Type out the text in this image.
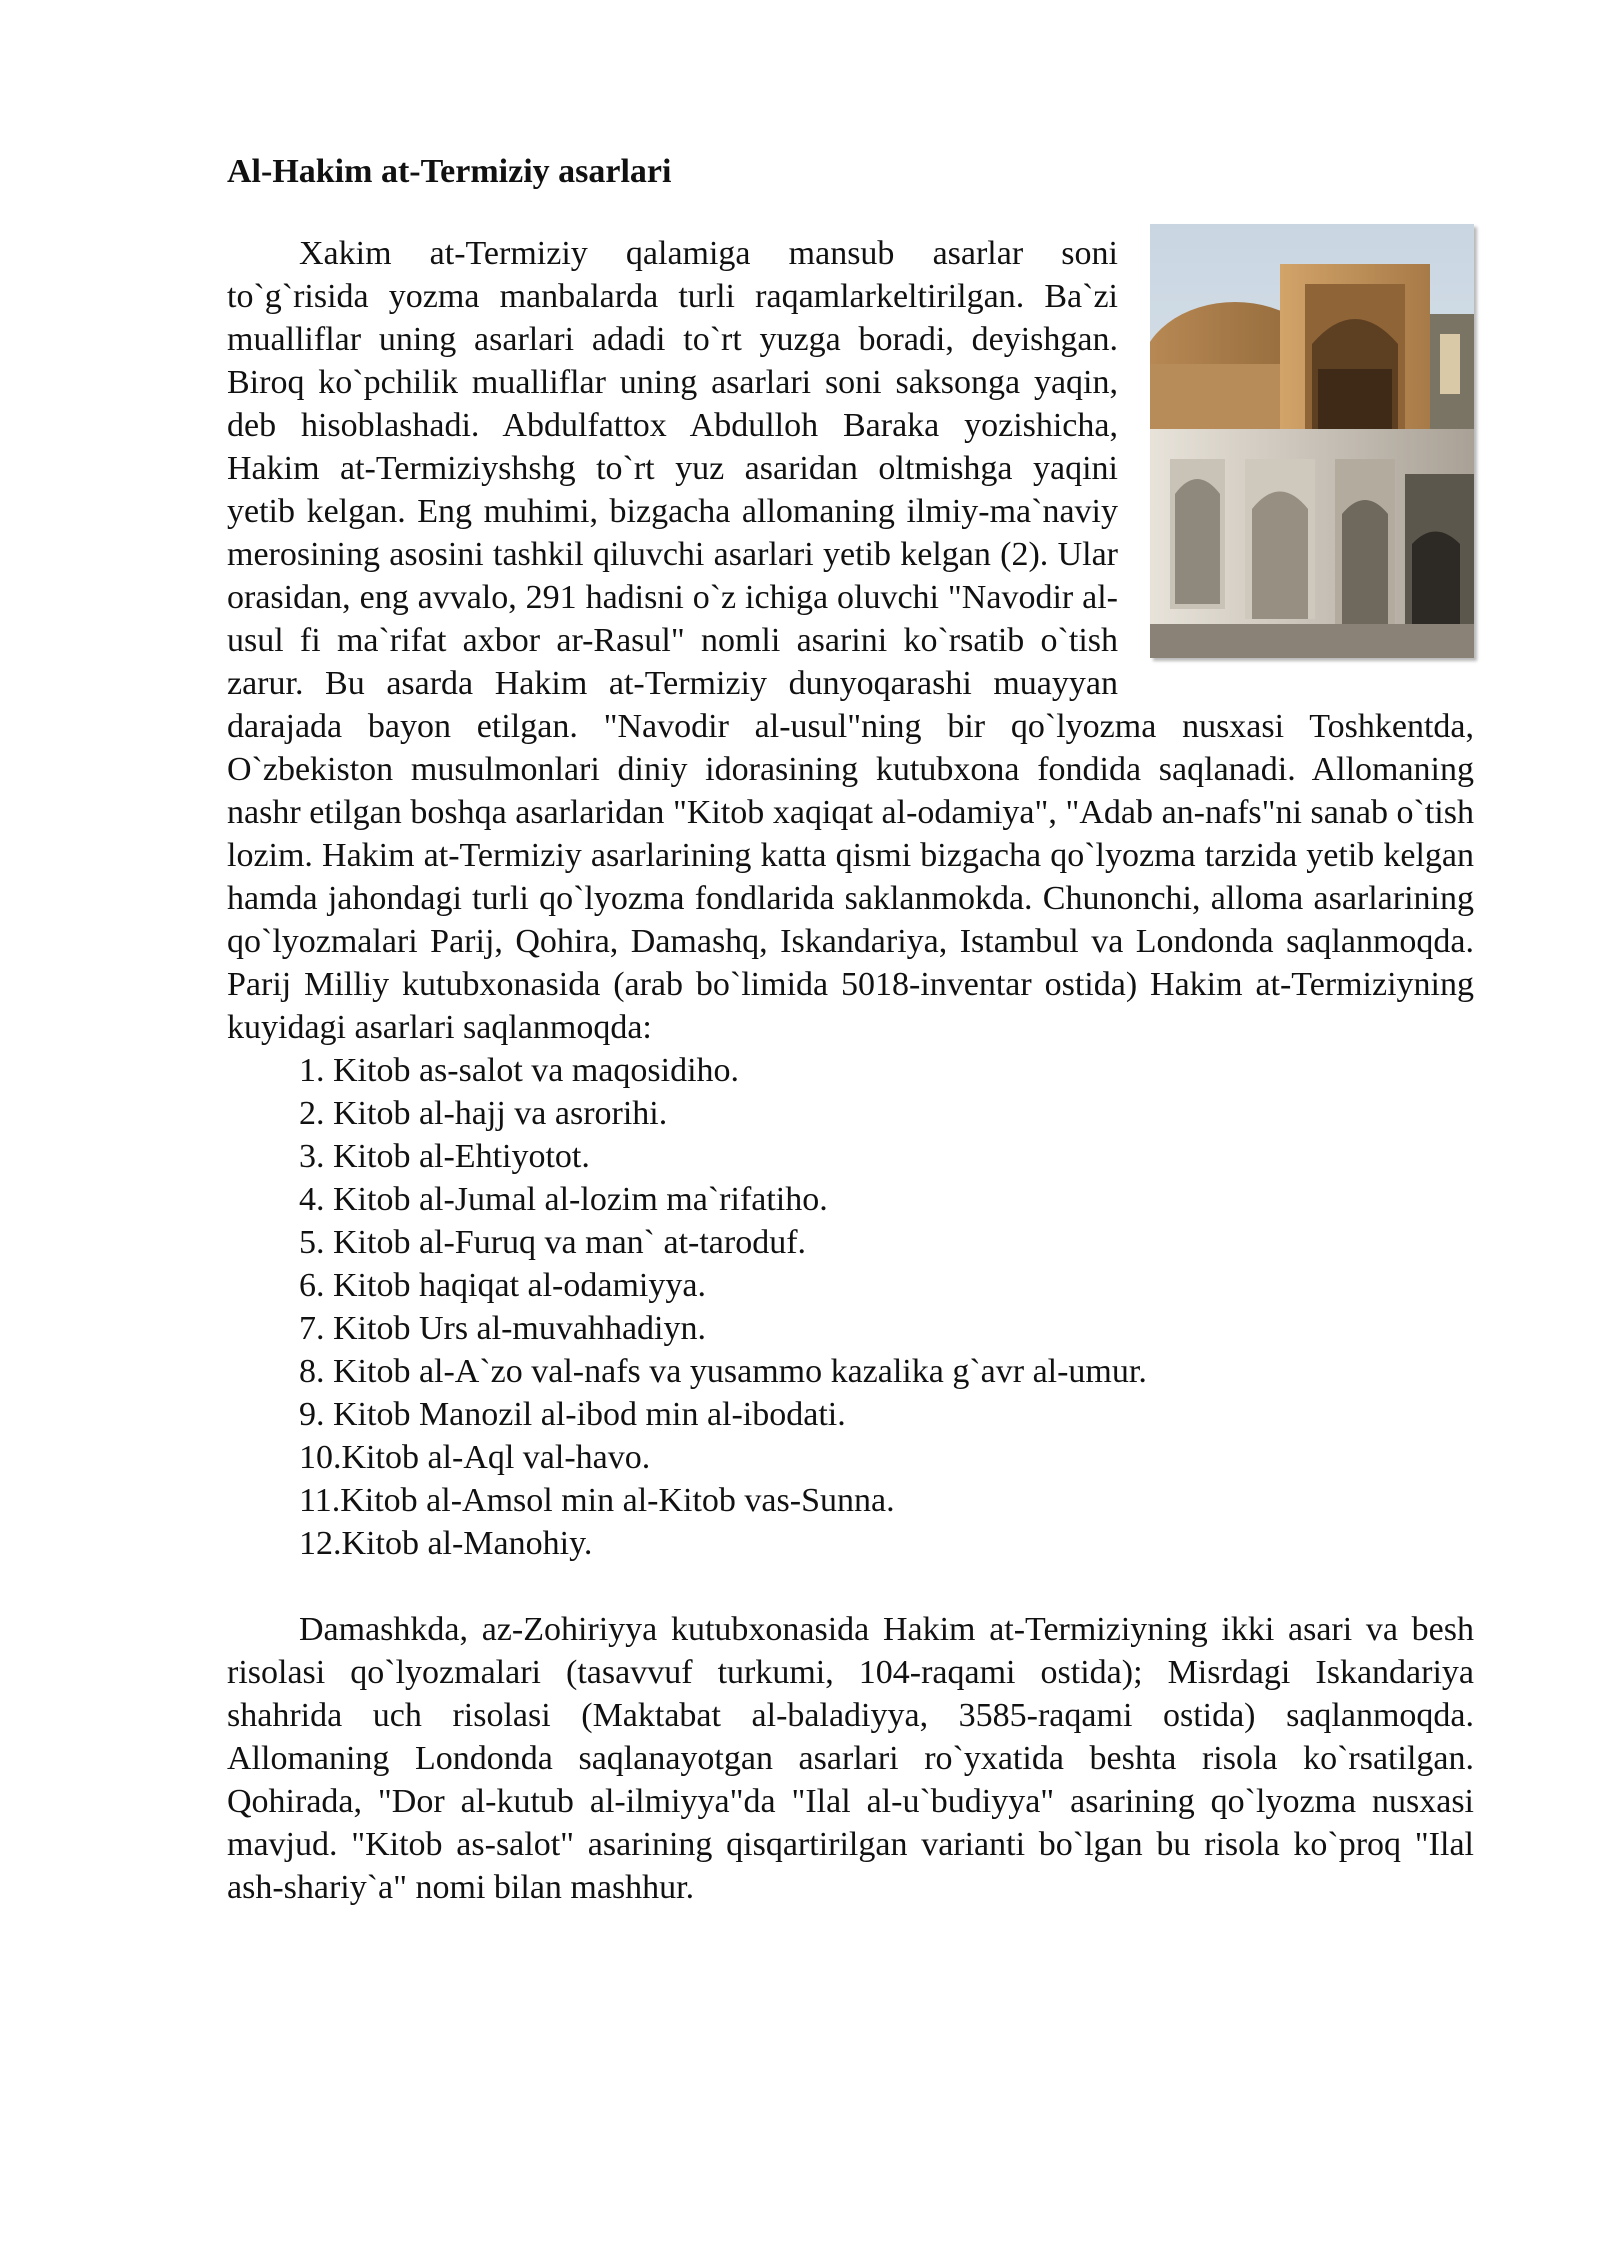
Al-Hakim at-Termiziy asarlari

Xakim at-Termiziy qalamiga mansub asarlar soni to`g`risida yozma manbalarda turli raqamlarkeltirilgan. Ba`zi mualliflar uning asarlari adadi to`rt yuzga boradi, deyishgan. Biroq ko`pchilik mualliflar uning asarlari soni saksonga yaqin, deb hisoblashadi. Abdulfattox Abdulloh Baraka yozishicha, Hakim at-Termiziyshshg to`rt yuz asaridan oltmishga yaqini yetib kelgan. Eng muhimi, bizgacha allomaning ilmiy-ma`naviy merosining asosini tashkil qiluvchi asarlari yetib kelgan (2). Ular orasidan, eng avvalo, 291 hadisni o`z ichiga oluvchi "Navodir al-usul fi ma`rifat axbor ar-Rasul" nomli asarini ko`rsatib o`tish zarur. Bu asarda Hakim at-Termiziy dunyoqarashi muayyan darajada bayon etilgan. "Navodir al-usul"ning bir qo`lyozma nusxasi Toshkentda, O`zbekiston musulmonlari diniy idorasining kutubxona fondida saqlanadi. Allomaning nashr etilgan boshqa asarlaridan "Kitob xaqiqat al-odamiya", "Adab an-nafs"ni sanab o`tish lozim. Hakim at-Termiziy asarlarining katta qismi bizgacha qo`lyozma tarzida yetib kelgan hamda jahondagi turli qo`lyozma fondlarida saklanmokda. Chunonchi, alloma asarlarining qo`lyozmalari Parij, Qohira, Damashq, Iskandariya, Istambul va Londonda saqlanmoqda. Parij Milliy kutubxonasida (arab bo`limida 5018-inventar ostida) Hakim at-Termiziyning kuyidagi asarlari saqlanmoqda:

1. Kitob as-salot va maqosidiho.
2. Kitob al-hajj va asrorihi.
3. Kitob al-Ehtiyotot.
4. Kitob al-Jumal al-lozim ma`rifatiho.
5. Kitob al-Furuq va man` at-taroduf.
6. Kitob haqiqat al-odamiyya.
7. Kitob Urs al-muvahhadiyn.
8. Kitob al-A`zo val-nafs va yusammo kazalika g`avr al-umur.
9. Kitob Manozil al-ibod min al-ibodati.
10.Kitob al-Aql val-havo.
11.Kitob al-Amsol min al-Kitob vas-Sunna.
12.Kitob al-Manohiy.

Damashkda, az-Zohiriyya kutubxonasida Hakim at-Termiziyning ikki asari va besh risolasi qo`lyozmalari (tasavvuf turkumi, 104-raqami ostida); Misrdagi Iskandariya shahrida uch risolasi (Maktabat al-baladiyya, 3585-raqami ostida) saqlanmoqda. Allomaning Londonda saqlanayotgan asarlari ro`yxatida beshta risola ko`rsatilgan. Qohirada, "Dor al-kutub al-ilmiyya"da "Ilal al-u`budiyya" asarining qo`lyozma nusxasi mavjud. "Kitob as-salot" asarining qisqartirilgan varianti bo`lgan bu risola ko`proq "Ilal ash-shariy`a" nomi bilan mashhur.
